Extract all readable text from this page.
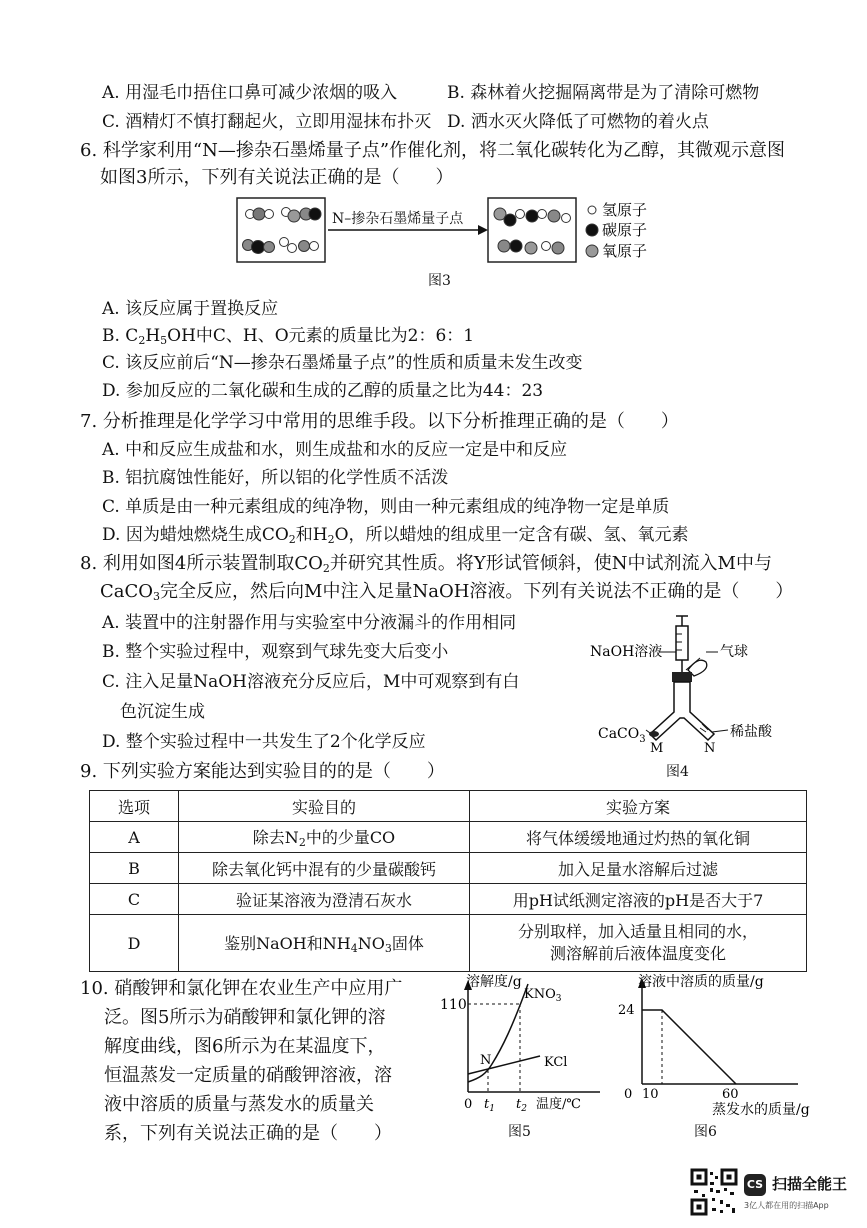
A. 用湿毛巾捂住口鼻可减少浓烟的吸入	B. 森林着火挖掘隔离带是为了清除可燃物
C. 酒精灯不慎打翻起火，立即用湿抹布扑灭 D. 洒水灭火降低了可燃物的着火点
6. 科学家利用“N—掺杂石墨烯量子点”作催化剂，将二氧化碳转化为乙醇，其微观示意图
如图3所示，下列有关说法正确的是（　　）
N–掺杂石墨烯量子点	氢原子
碳原子
氧原子
图3
A. 该反应属于置换反应
B. $C_2H_5OH$中C、H、O元素的质量比为2：6：1
C. 该反应前后“N—掺杂石墨烯量子点”的性质和质量未发生改变
D. 参加反应的二氧化碳和生成的乙醇的质量之比为44：23
7. 分析推理是化学学习中常用的思维手段。以下分析推理正确的是（　　）
A. 中和反应生成盐和水，则生成盐和水的反应一定是中和反应
B. 铝抗腐蚀性能好，所以铝的化学性质不活泼
C. 单质是由一种元素组成的纯净物，则由一种元素组成的纯净物一定是单质
D. 因为蜡烛燃烧生成$CO_2$和$H_2O$，所以蜡烛的组成里一定含有碳、氢、氧元素
8. 利用如图4所示装置制取$CO_2$并研究其性质。将Y形试管倾斜，使N中试剂流入M中与
CaCO$_3$完全反应，然后向M中注入足量NaOH溶液。下列有关说法不正确的是（　　）
A. 装置中的注射器作用与实验室中分液漏斗的作用相同
B. 整个实验过程中，观察到气球先变大后变小
C. 注入足量NaOH溶液充分反应后，M中可观察到有白
色沉淀生成
D. 整个实验过程中一共发生了2个化学反应
NaOH溶液	气球
CaCO$_3$	稀盐酸
M	N
图4
9. 下列实验方案能达到实验目的的是（　　）
选项	实验目的	实验方案
A	除去$N_2$中的少量CO	将气体缓缓地通过灼热的氧化铜
B	除去氧化钙中混有的少量碳酸钙	加入足量水溶解后过滤
C	验证某溶液为澄清石灰水	用pH试纸测定溶液的pH是否大于7
D	鉴别NaOH和$NH_4NO_3$固体	分别取样，加入适量且相同的水，
测溶解前后液体温度变化
10. 硝酸钾和氯化钾在农业生产中应用广
泛。图5所示为硝酸钾和氯化钾的溶
解度曲线，图6所示为在某温度下，
恒温蒸发一定质量的硝酸钾溶液，溶
液中溶质的质量与蒸发水的质量关
系，下列有关说法正确的是（　　）
溶解度/g
110
$KNO_3$
KCl
N
0 $t_1$ $t_2$ 温度/℃
图5
溶液中溶质的质量/g
24
0 10	60
蒸发水的质量/g
图6
CS 扫描全能王
3亿人都在用的扫描App
